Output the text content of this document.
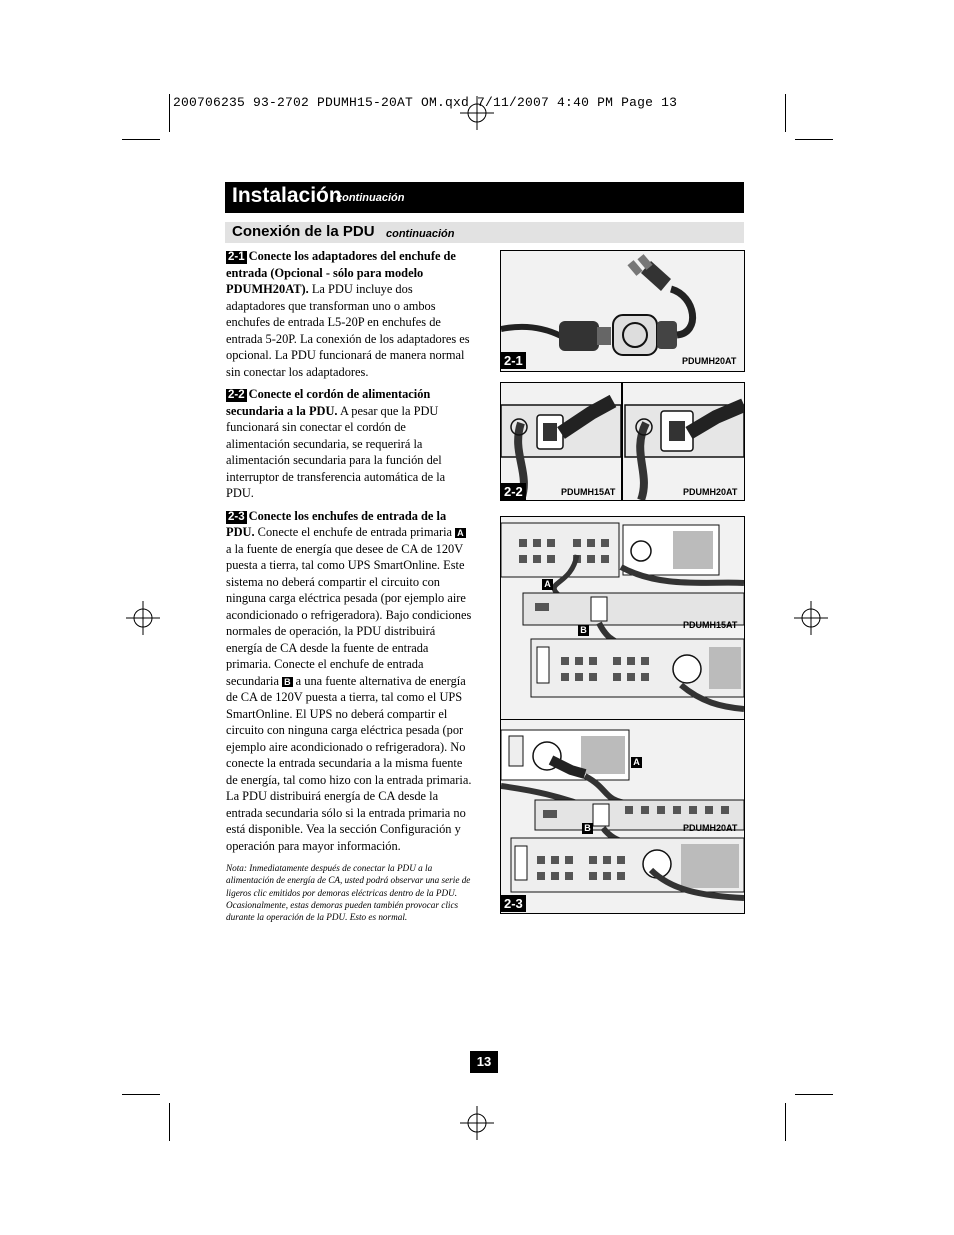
200706235 93-2702 PDUMH15-20AT OM.qxd 7/11/2007 4:40 PM Page 13
Instalación
continuación
Conexión de la PDU continuación

2-1 Conecte los adaptadores del enchufe de entrada (Opcional - sólo para modelo PDUMH20AT). La PDU incluye dos adaptadores que transforman uno o ambos enchufes de entrada L5-20P en enchufes de entrada 5-20P. La conexión de los adaptadores es opcional. La PDU funcionará de manera normal sin conectar los adaptadores.

2-2 Conecte el cordón de alimentación secundaria a la PDU. A pesar que la PDU funcionará sin conectar el cordón de alimentación secundaria, se requerirá la alimentación secundaria para la función del interruptor de transferencia automática de la PDU.

2-3 Conecte los enchufes de entrada de la PDU. Conecte el enchufe de entrada primaria A a la fuente de energía que desee de CA de 120V puesta a tierra, tal como UPS SmartOnline. Este sistema no deberá compartir el circuito con ninguna carga eléctrica pesada (por ejemplo aire acondicionado o refrigeradora). Bajo condiciones normales de operación, la PDU distribuirá energía de CA desde la fuente de entrada primaria. Conecte el enchufe de entrada secundaria B a una fuente alternativa de energía de CA de 120V puesta a tierra, tal como el UPS SmartOnline. El UPS no deberá compartir el circuito con ninguna carga eléctrica pesada (por ejemplo aire acondicionado o refrigeradora). No conecte la entrada secundaria a la misma fuente de energía, tal como hizo con la entrada primaria. La PDU distribuirá energía de CA desde la entrada secundaria sólo si la entrada primaria no está disponible. Vea la sección Configuración y operación para mayor información.

Nota: Inmediatamente después de conectar la PDU a la alimentación de energía de CA, usted podrá observar una serie de ligeros clic emitidos por demoras eléctricas dentro de la PDU. Ocasionalmente, estas demoras pueden también provocar clics durante la operación de la PDU. Esto es normal.
2-1	PDUMH20AT
2-2	PDUMH15AT	PDUMH20AT
A
B	PDUMH15AT
A
B	PDUMH20AT
2-3
13
